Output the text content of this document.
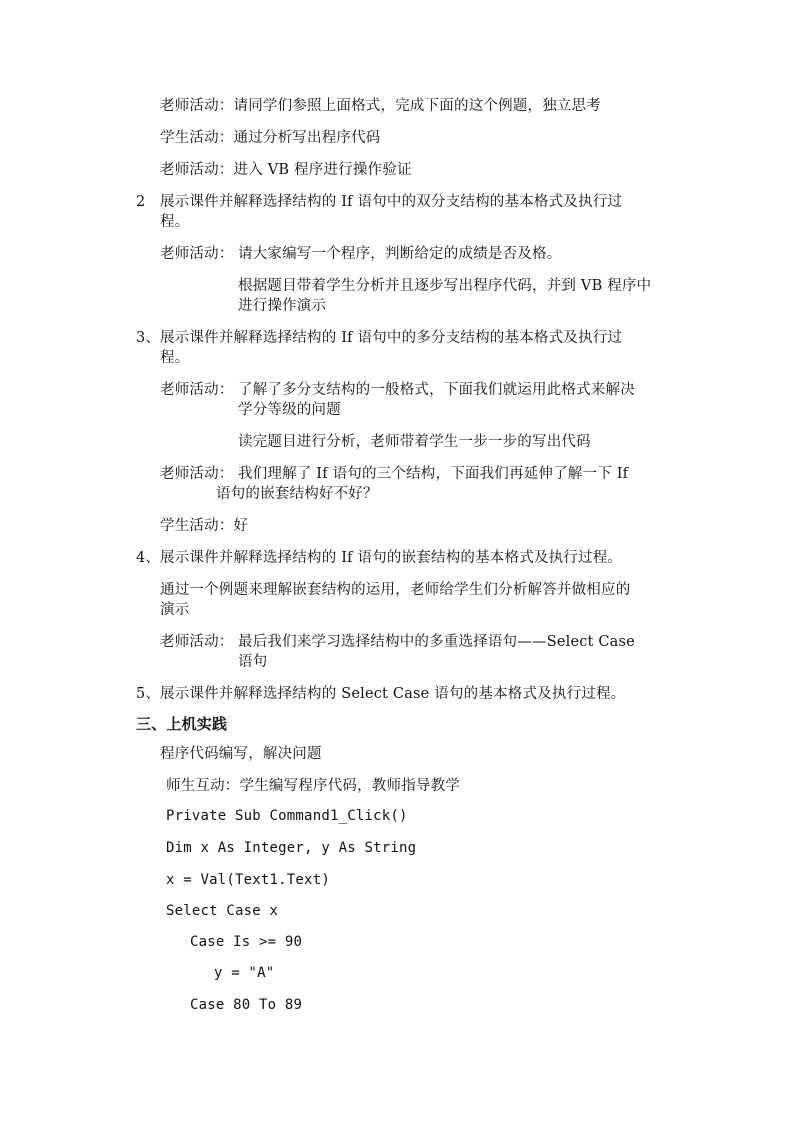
老师活动：请同学们参照上面格式，完成下面的这个例题，独立思考
学生活动：通过分析写出程序代码
老师活动：进入 VB 程序进行操作验证
2 展示课件并解释选择结构的 If 语句中的双分支结构的基本格式及执行过
程。
老师活动： 请大家编写一个程序，判断给定的成绩是否及格。
根据题目带着学生分析并且逐步写出程序代码，并到 VB 程序中
进行操作演示
3、 展示课件并解释选择结构的 If 语句中的多分支结构的基本格式及执行过
程。
老师活动： 了解了多分支结构的一般格式，下面我们就运用此格式来解决
学分等级的问题
读完题目进行分析，老师带着学生一步一步的写出代码
老师活动： 我们理解了 If 语句的三个结构，下面我们再延伸了解一下 If
语句的嵌套结构好不好？
学生活动：好
4、 展示课件并解释选择结构的 If 语句的嵌套结构的基本格式及执行过程。
通过一个例题来理解嵌套结构的运用，老师给学生们分析解答并做相应的
演示
老师活动： 最后我们来学习选择结构中的多重选择语句——Select Case
语句
5、 展示课件并解释选择结构的 Select Case 语句的基本格式及执行过程。
三、上机实践
程序代码编写，解决问题
师生互动：学生编写程序代码，教师指导教学
Private Sub Command1_Click()
Dim x As Integer, y As String
x = Val(Text1.Text)
Select Case x
Case Is >= 90
y = "A"
Case 80 To 89
